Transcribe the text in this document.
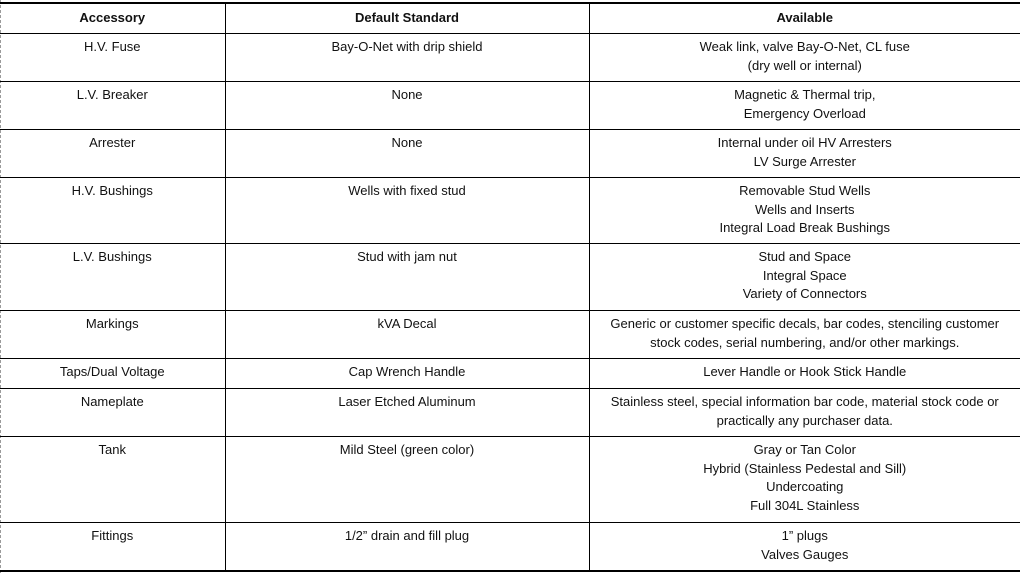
Accessory	Default Standard	Available
H.V. Fuse	Bay-O-Net with drip shield	Weak link, valve Bay-O-Net, CL fuse
(dry well or internal)

L.V. Breaker	None	Magnetic & Thermal trip,
Emergency Overload

Arrester	None	Internal under oil HV Arresters
LV Surge Arrester

H.V. Bushings	Wells with fixed stud	Removable Stud Wells
Wells and Inserts
Integral Load Break Bushings

L.V. Bushings	Stud with jam nut	Stud and Space
Integral Space
Variety of Connectors

Markings	kVA Decal	Generic or customer specific decals, bar codes, stenciling customer stock codes, serial numbering, and/or other markings.

Taps/Dual Voltage	Cap Wrench Handle	Lever Handle or Hook Stick Handle

Nameplate	Laser Etched Aluminum	Stainless steel, special information bar code, material stock code or practically any purchaser data.

Tank	Mild Steel (green color)	Gray or Tan Color
Hybrid (Stainless Pedestal and Sill)
Undercoating
Full 304L Stainless

Fittings	1/2” drain and fill plug	1” plugs
Valves Gauges
